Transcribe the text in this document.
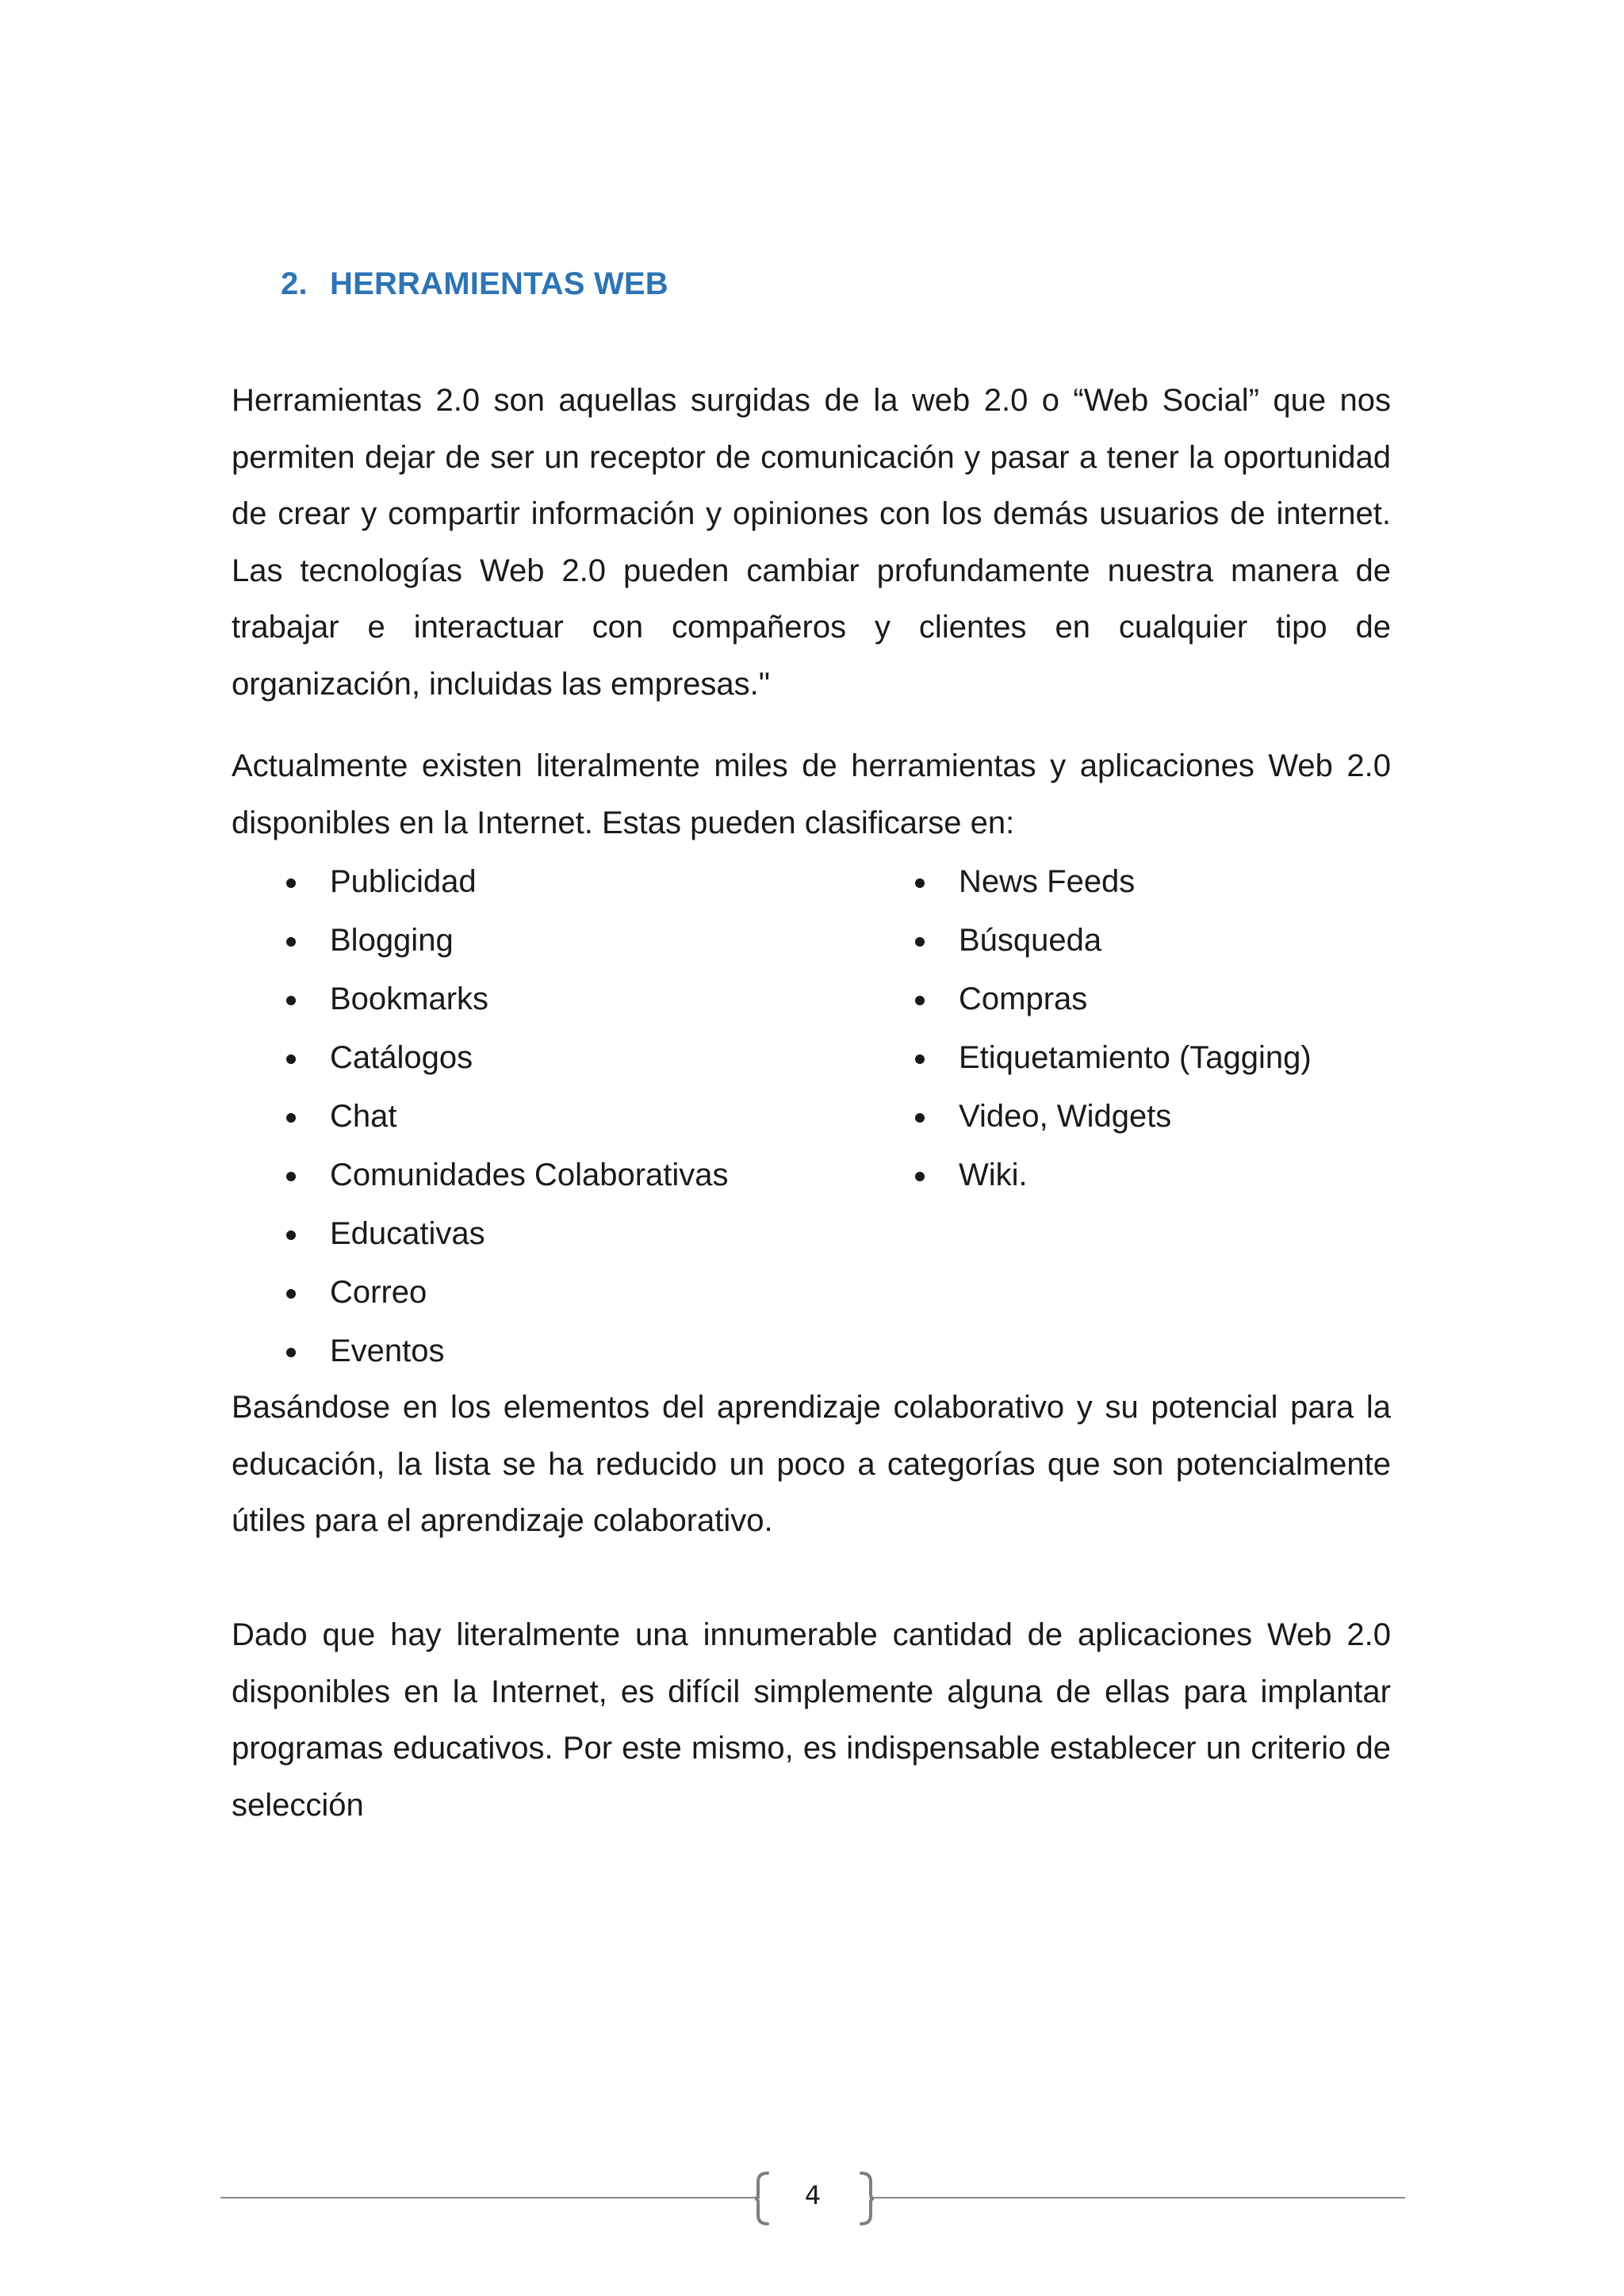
2. HERRAMIENTAS WEB

Herramientas 2.0 son aquellas surgidas de la web 2.0 o “Web Social” que nos permiten dejar de ser un receptor de comunicación y pasar a tener la oportunidad de crear y compartir información y opiniones con los demás usuarios de internet. Las tecnologías Web 2.0 pueden cambiar profundamente nuestra manera de trabajar e interactuar con compañeros y clientes en cualquier tipo de organización, incluidas las empresas."

Actualmente existen literalmente miles de herramientas y aplicaciones Web 2.0 disponibles en la Internet. Estas pueden clasificarse en:

Publicidad
Blogging
Bookmarks
Catálogos
Chat
Comunidades Colaborativas
Educativas
Correo
Eventos
News Feeds
Búsqueda
Compras
Etiquetamiento (Tagging)
Video, Widgets
Wiki.

Basándose en los elementos del aprendizaje colaborativo y su potencial para la educación, la lista se ha reducido un poco a categorías que son potencialmente útiles para el aprendizaje colaborativo.

Dado que hay literalmente una innumerable cantidad de aplicaciones Web 2.0 disponibles en la Internet, es difícil simplemente alguna de ellas para implantar programas educativos. Por este mismo, es indispensable establecer un criterio de selección

4
